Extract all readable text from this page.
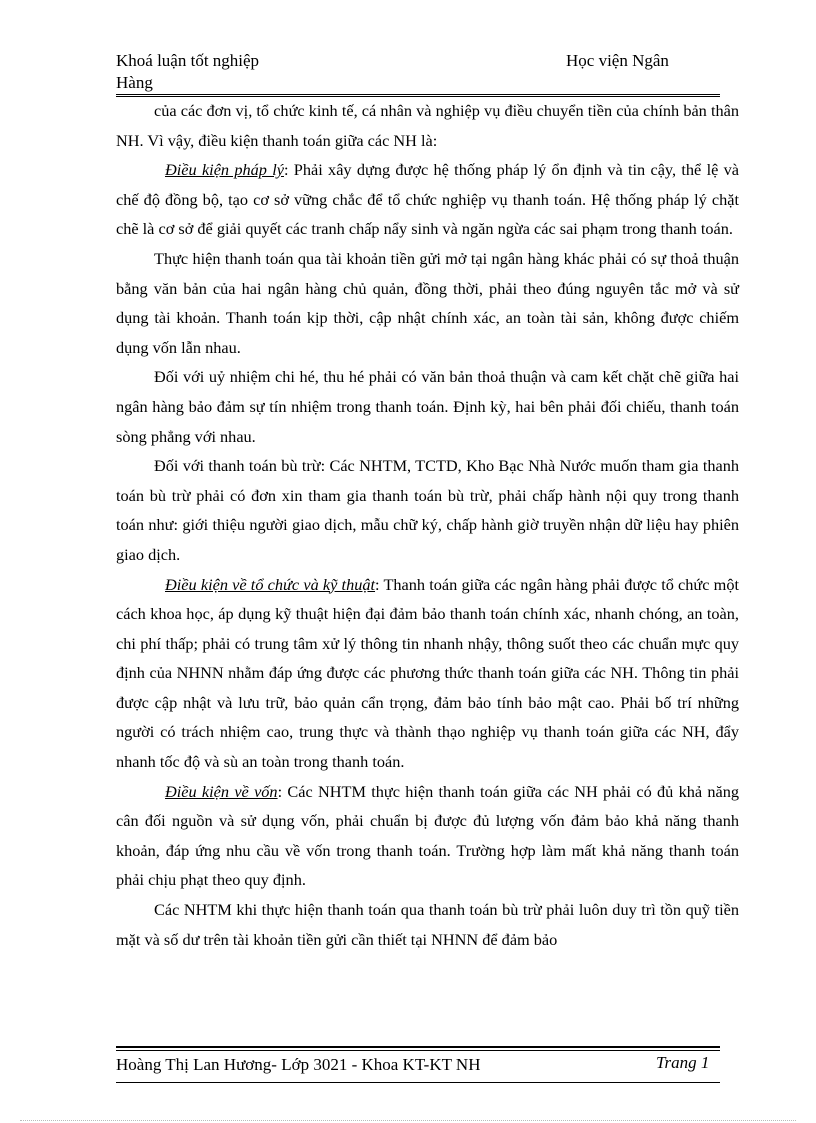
Khoá luận tốt nghiệp Hàng
Học viện Ngân

của các đơn vị, tổ chức kinh tế, cá nhân và nghiệp vụ điều chuyển tiền của chính bản thân NH. Vì vậy, điều kiện thanh toán giữa các NH là:

Điều kiện pháp lý: Phải xây dựng được hệ thống pháp lý ổn định và tin cậy, thể lệ và chế độ đồng bộ, tạo cơ sở vững chắc để tổ chức nghiệp vụ thanh toán. Hệ thống pháp lý chặt chẽ là cơ sở để giải quyết các tranh chấp nẩy sinh và ngăn ngừa các sai phạm trong thanh toán.

Thực hiện thanh toán qua tài khoản tiền gửi mở tại ngân hàng khác phải có sự thoả thuận bằng văn bản của hai ngân hàng chủ quản, đồng thời, phải theo đúng nguyên tắc mở và sử dụng tài khoản. Thanh toán kịp thời, cập nhật chính xác, an toàn tài sản, không được chiếm dụng vốn lẫn nhau.

Đối với uỷ nhiệm chi hé, thu hé phải có văn bản thoả thuận và cam kết chặt chẽ giữa hai ngân hàng bảo đảm sự tín nhiệm trong thanh toán. Định kỳ, hai bên phải đối chiếu, thanh toán sòng phẳng với nhau.

Đối với thanh toán bù trừ: Các NHTM, TCTD, Kho Bạc Nhà Nước muốn tham gia thanh toán bù trừ phải có đơn xin tham gia thanh toán bù trừ, phải chấp hành nội quy trong thanh toán như: giới thiệu người giao dịch, mẫu chữ ký, chấp hành giờ truyền nhận dữ liệu hay phiên giao dịch.

Điều kiện về tổ chức và kỹ thuật: Thanh toán giữa các ngân hàng phải được tổ chức một cách khoa học, áp dụng kỹ thuật hiện đại đảm bảo thanh toán chính xác, nhanh chóng, an toàn, chi phí thấp; phải có trung tâm xử lý thông tin nhanh nhậy, thông suốt theo các chuẩn mực quy định của NHNN nhằm đáp ứng được các phương thức thanh toán giữa các NH. Thông tin phải được cập nhật và lưu trữ, bảo quản cẩn trọng, đảm bảo tính bảo mật cao. Phải bố trí những người có trách nhiệm cao, trung thực và thành thạo nghiệp vụ thanh toán giữa các NH, đẩy nhanh tốc độ và sù an toàn trong thanh toán.

Điều kiện về vốn: Các NHTM thực hiện thanh toán giữa các NH phải có đủ khả năng cân đối nguồn và sử dụng vốn, phải chuẩn bị được đủ lượng vốn đảm bảo khả năng thanh khoản, đáp ứng nhu cầu về vốn trong thanh toán. Trường hợp làm mất khả năng thanh toán phải chịu phạt theo quy định.

Các NHTM khi thực hiện thanh toán qua thanh toán bù trừ phải luôn duy trì tồn quỹ tiền mặt và số dư trên tài khoản tiền gửi cần thiết tại NHNN để đảm bảo

Hoàng Thị Lan Hương- Lớp 3021 - Khoa KT-KT NH	Trang 1
